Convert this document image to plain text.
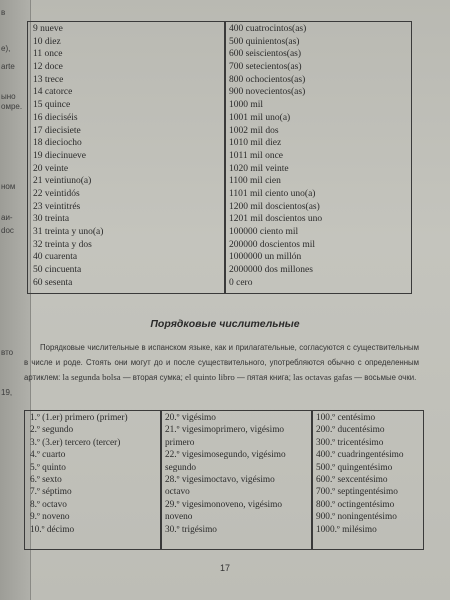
в
е),
arte
ыно
омре.
ном
аи-
doc
вто
19,
9 nueve
10 diez
11 once
12 doce
13 trece
14 catorce
15 quince
16 dieciséis
17 diecisiete
18 dieciocho
19 diecinueve
20 veinte
21 veintiuno(a)
22 veintidós
23 veintitrés
30 treinta
31 treinta y uno(a)
32 treinta y dos
40 cuarenta
50 cincuenta
60 sesenta
400 cuatrocintos(as)
500 quinientos(as)
600 seiscientos(as)
700 setecientos(as)
800 ochocientos(as)
900 novecientos(as)
1000 mil
1001 mil uno(a)
1002 mil dos
1010 mil diez
1011 mil once
1020 mil veinte
1100 mil cien
1101 mil ciento uno(a)
1200 mil doscientos(as)
1201 mil doscientos uno
100000 ciento mil
200000 doscientos mil
1000000 un millón
2000000 dos millones
0 cero
Порядковые числительные
Порядковые числительные в испанском языке, как и прилагательные, согласуются с существительным в числе и роде. Стоять они могут до и после существительного, употребляются обычно с определенным артиклем: la segunda bolsa — вторая сумка; el quinto libro — пятая книга; las octavas gafas — восьмые очки.
1.º (1.er) primero (primer)
2.º segundo
3.º (3.er) tercero (tercer)
4.º cuarto
5.º quinto
6.º sexto
7.º séptimo
8.º octavo
9.º noveno
10.º décimo
20.º vigésimo
21.º vigesimoprimero, vigésimo
primero
22.º vigesimosegundo, vigésimo
segundo
28.º vigesimoctavo, vigésimo
octavo
29.º vigesimonoveno, vigésimo
noveno
30.º trigésimo
100.º centésimo
200.º ducentésimo
300.º tricentésimo
400.º cuadringentésimo
500.º quingentésimo
600.º sexcentésimo
700.º septingentésimo
800.º octingentésimo
900.º noningentésimo
1000.º milésimo
17
